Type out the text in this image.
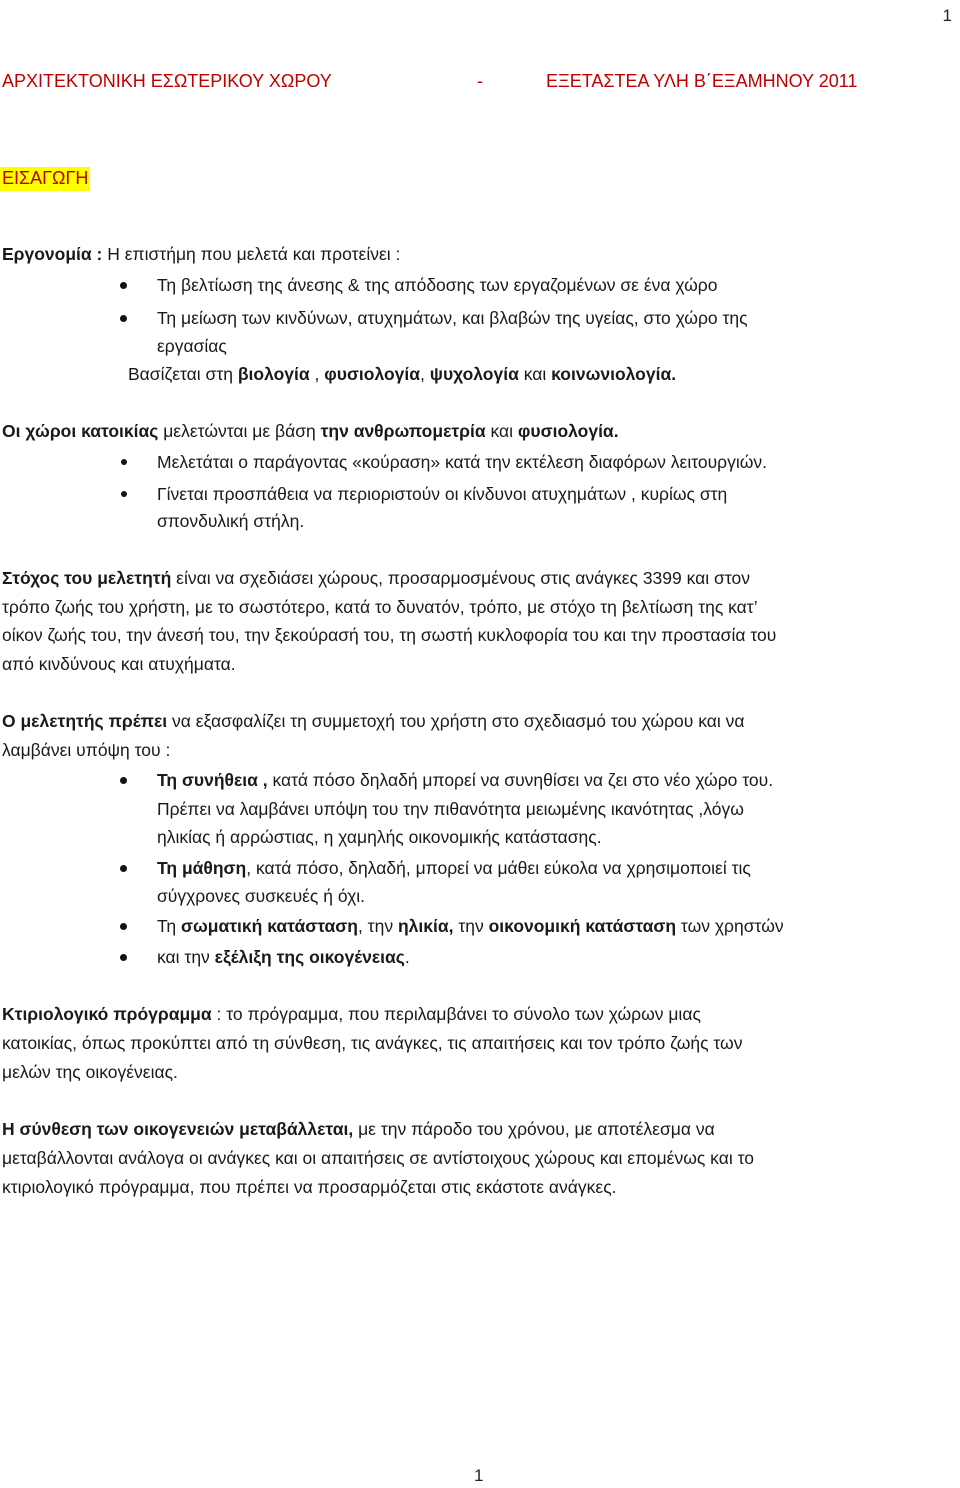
1
ΑΡΧΙΤΕΚΤΟΝΙΚΗ ΕΣΩΤΕΡΙΚΟΥ ΧΩΡΟΥ	-	ΕΞΕΤΑΣΤΕΑ ΥΛΗ Β΄ΕΞΑΜΗΝΟΥ 2011
ΕΙΣΑΓΩΓΗ
Εργονομία : Η επιστήμη που μελετά και προτείνει :
Τη βελτίωση της άνεσης & της απόδοσης των εργαζομένων σε ένα χώρο
Τη μείωση των κινδύνων, ατυχημάτων, και βλαβών της υγείας, στο χώρο της
εργασίας
Βασίζεται στη βιολογία , φυσιολογία, ψυχολογία και κοινωνιολογία.
Οι χώροι κατοικίας μελετώνται με βάση την ανθρωπομετρία και φυσιολογία.
Μελετάται ο παράγοντας «κούραση» κατά την εκτέλεση διαφόρων λειτουργιών.
Γίνεται προσπάθεια να περιοριστούν οι κίνδυνοι ατυχημάτων , κυρίως στη
σπονδυλική στήλη.
Στόχος του μελετητή είναι να σχεδιάσει χώρους, προσαρμοσμένους στις ανάγκες 3399 και στον
τρόπο ζωής του χρήστη, με το σωστότερο, κατά το δυνατόν, τρόπο, με στόχο τη βελτίωση της κατ’
οίκον ζωής του, την άνεσή του, την ξεκούρασή του, τη σωστή κυκλοφορία του και την προστασία του
από κινδύνους και ατυχήματα.
Ο μελετητής πρέπει να εξασφαλίζει τη συμμετοχή του χρήστη στο σχεδιασμό του χώρου και να
λαμβάνει υπόψη του :
Τη συνήθεια , κατά πόσο δηλαδή μπορεί να συνηθίσει να ζει στο νέο χώρο του.
Πρέπει να λαμβάνει υπόψη του την πιθανότητα μειωμένης ικανότητας ,λόγω
ηλικίας ή αρρώστιας, η χαμηλής οικονομικής κατάστασης.
Τη μάθηση, κατά πόσο, δηλαδή, μπορεί να μάθει εύκολα να χρησιμοποιεί τις
σύγχρονες συσκευές ή όχι.
Τη σωματική κατάσταση, την ηλικία, την οικονομική κατάσταση των χρηστών
και την εξέλιξη της οικογένειας.
Κτιριολογικό πρόγραμμα : το πρόγραμμα, που περιλαμβάνει το σύνολο των χώρων μιας
κατοικίας, όπως προκύπτει από τη σύνθεση, τις ανάγκες, τις απαιτήσεις και τον τρόπο ζωής των
μελών της οικογένειας.
Η σύνθεση των οικογενειών μεταβάλλεται, με την πάροδο του χρόνου, με αποτέλεσμα να
μεταβάλλονται ανάλογα οι ανάγκες και οι απαιτήσεις σε αντίστοιχους χώρους και επομένως και το
κτιριολογικό πρόγραμμα, που πρέπει να προσαρμόζεται στις εκάστοτε ανάγκες.
1
